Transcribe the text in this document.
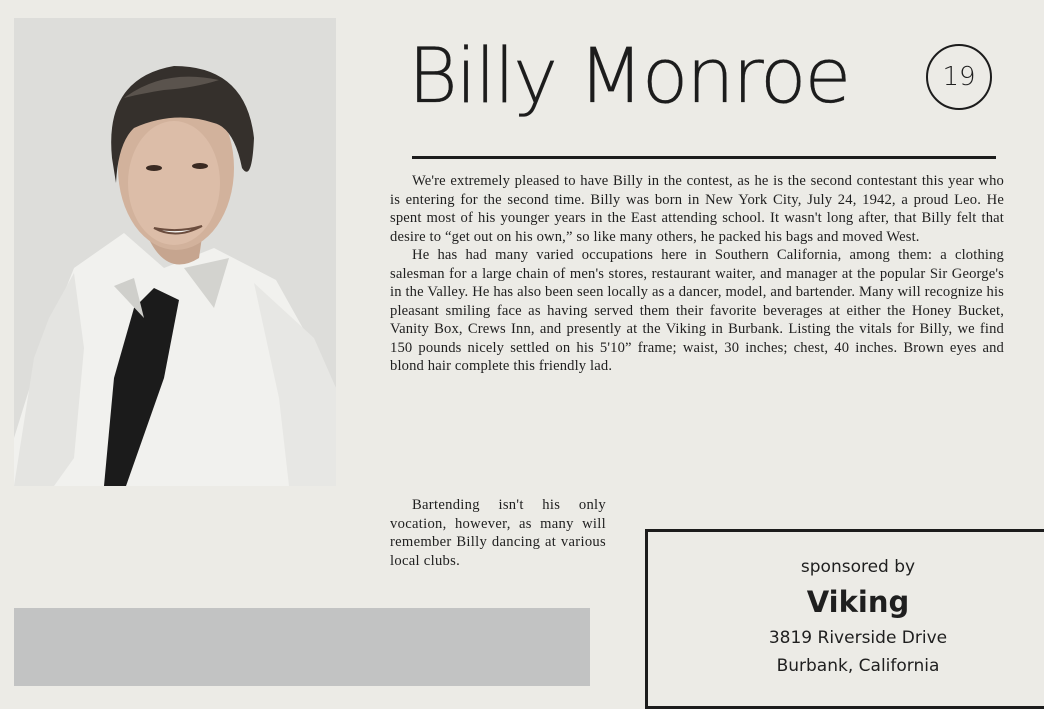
Billy Monroe	19

We're extremely pleased to have Billy in the contest, as he is the second contestant this year who is entering for the second time. Billy was born in New York City, July 24, 1942, a proud Leo. He spent most of his younger years in the East attending school. It wasn't long after, that Billy felt that desire to “get out on his own,” so like many others, he packed his bags and moved West.

He has had many varied occupations here in Southern California, among them: a clothing salesman for a large chain of men's stores, restaurant waiter, and manager at the popular Sir George's in the Valley. He has also been seen locally as a dancer, model, and bartender. Many will recognize his pleasant smiling face as having served them their favorite beverages at either the Honey Bucket, Vanity Box, Crews Inn, and presently at the Viking in Burbank. Listing the vitals for Billy, we find 150 pounds nicely settled on his 5'10” frame; waist, 30 inches; chest, 40 inches. Brown eyes and blond hair complete this friendly lad.

Bartending isn't his only vocation, however, as many will remember Billy dancing at various local clubs.	sponsored by
Viking
3819 Riverside Drive
Burbank, California
